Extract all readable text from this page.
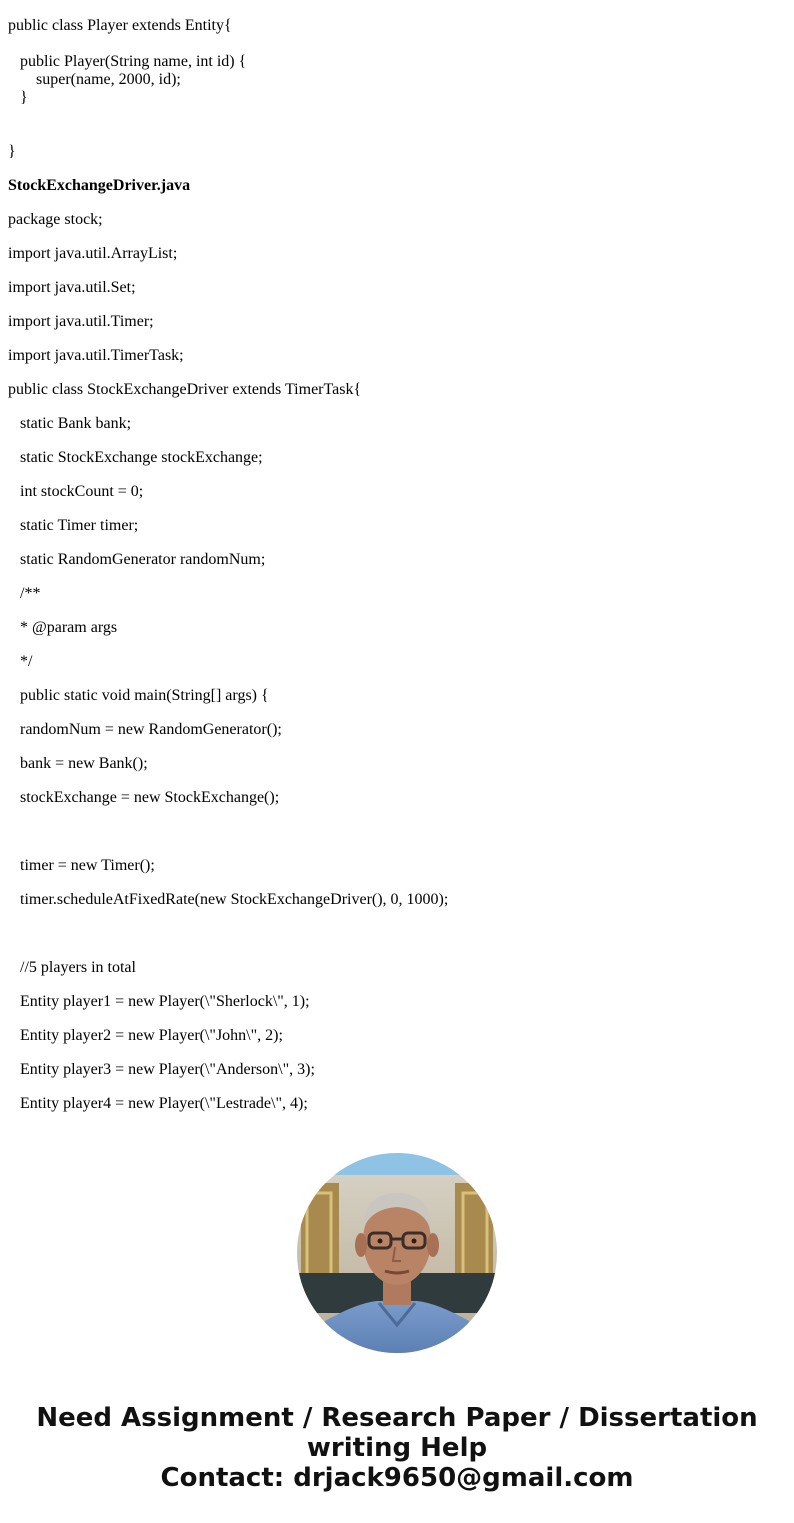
public class Player extends Entity{
public Player(String name, int id) {
super(name, 2000, id);
}
}
StockExchangeDriver.java
package stock;
import java.util.ArrayList;
import java.util.Set;
import java.util.Timer;
import java.util.TimerTask;
public class StockExchangeDriver extends TimerTask{
static Bank bank;
static StockExchange stockExchange;
int stockCount = 0;
static Timer timer;
static RandomGenerator randomNum;
/**
* @param args
*/
public static void main(String[] args) {
randomNum = new RandomGenerator();
bank = new Bank();
stockExchange = new StockExchange();
timer = new Timer();
timer.scheduleAtFixedRate(new StockExchangeDriver(), 0, 1000);
//5 players in total
Entity player1 = new Player(\"Sherlock\", 1);
Entity player2 = new Player(\"John\", 2);
Entity player3 = new Player(\"Anderson\", 3);
Entity player4 = new Player(\"Lestrade\", 4);
Need Assignment / Research Paper / Dissertation
writing Help
Contact: drjack9650@gmail.com
